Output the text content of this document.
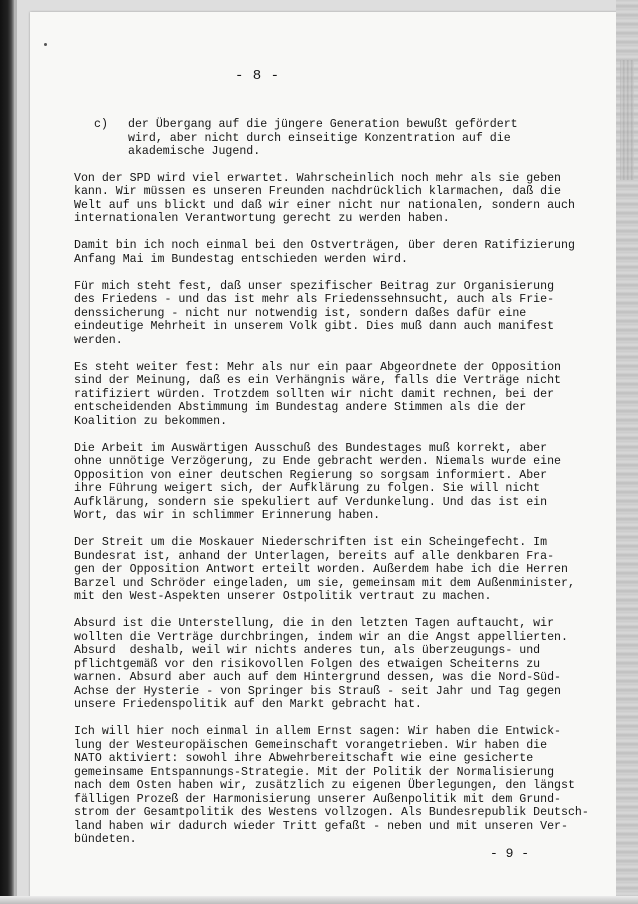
- 8 -
c) der Übergang auf die jüngere Generation bewußt gefördert
wird, aber nicht durch einseitige Konzentration auf die
akademische Jugend.
Von der SPD wird viel erwartet. Wahrscheinlich noch mehr als sie geben
kann. Wir müssen es unseren Freunden nachdrücklich klarmachen, daß die
Welt auf uns blickt und daß wir einer nicht nur nationalen, sondern auch
internationalen Verantwortung gerecht zu werden haben.
Damit bin ich noch einmal bei den Ostverträgen, über deren Ratifizierung
Anfang Mai im Bundestag entschieden werden wird.
Für mich steht fest, daß unser spezifischer Beitrag zur Organisierung
des Friedens - und das ist mehr als Friedenssehnsucht, auch als Frie-
denssicherung - nicht nur notwendig ist, sondern daßes dafür eine
eindeutige Mehrheit in unserem Volk gibt. Dies muß dann auch manifest
werden.
Es steht weiter fest: Mehr als nur ein paar Abgeordnete der Opposition
sind der Meinung, daß es ein Verhängnis wäre, falls die Verträge nicht
ratifiziert würden. Trotzdem sollten wir nicht damit rechnen, bei der
entscheidenden Abstimmung im Bundestag andere Stimmen als die der
Koalition zu bekommen.
Die Arbeit im Auswärtigen Ausschuß des Bundestages muß korrekt, aber
ohne unnötige Verzögerung, zu Ende gebracht werden. Niemals wurde eine
Opposition von einer deutschen Regierung so sorgsam informiert. Aber
ihre Führung weigert sich, der Aufklärung zu folgen. Sie will nicht
Aufklärung, sondern sie spekuliert auf Verdunkelung. Und das ist ein
Wort, das wir in schlimmer Erinnerung haben.
Der Streit um die Moskauer Niederschriften ist ein Scheingefecht. Im
Bundesrat ist, anhand der Unterlagen, bereits auf alle denkbaren Fra-
gen der Opposition Antwort erteilt worden. Außerdem habe ich die Herren
Barzel und Schröder eingeladen, um sie, gemeinsam mit dem Außenminister,
mit den West-Aspekten unserer Ostpolitik vertraut zu machen.
Absurd ist die Unterstellung, die in den letzten Tagen auftaucht, wir
wollten die Verträge durchbringen, indem wir an die Angst appellierten.
Absurd  deshalb, weil wir nichts anderes tun, als überzeugungs- und
pflichtgemäß vor den risikovollen Folgen des etwaigen Scheiterns zu
warnen. Absurd aber auch auf dem Hintergrund dessen, was die Nord-Süd-
Achse der Hysterie - von Springer bis Strauß - seit Jahr und Tag gegen
unsere Friedenspolitik auf den Markt gebracht hat.
Ich will hier noch einmal in allem Ernst sagen: Wir haben die Entwick-
lung der Westeuropäischen Gemeinschaft vorangetrieben. Wir haben die
NATO aktiviert: sowohl ihre Abwehrbereitschaft wie eine gesicherte
gemeinsame Entspannungs-Strategie. Mit der Politik der Normalisierung
nach dem Osten haben wir, zusätzlich zu eigenen Überlegungen, den längst
fälligen Prozeß der Harmonisierung unserer Außenpolitik mit dem Grund-
strom der Gesamtpolitik des Westens vollzogen. Als Bundesrepublik Deutsch-
land haben wir dadurch wieder Tritt gefaßt - neben und mit unseren Ver-
bündeten.
- 9 -
